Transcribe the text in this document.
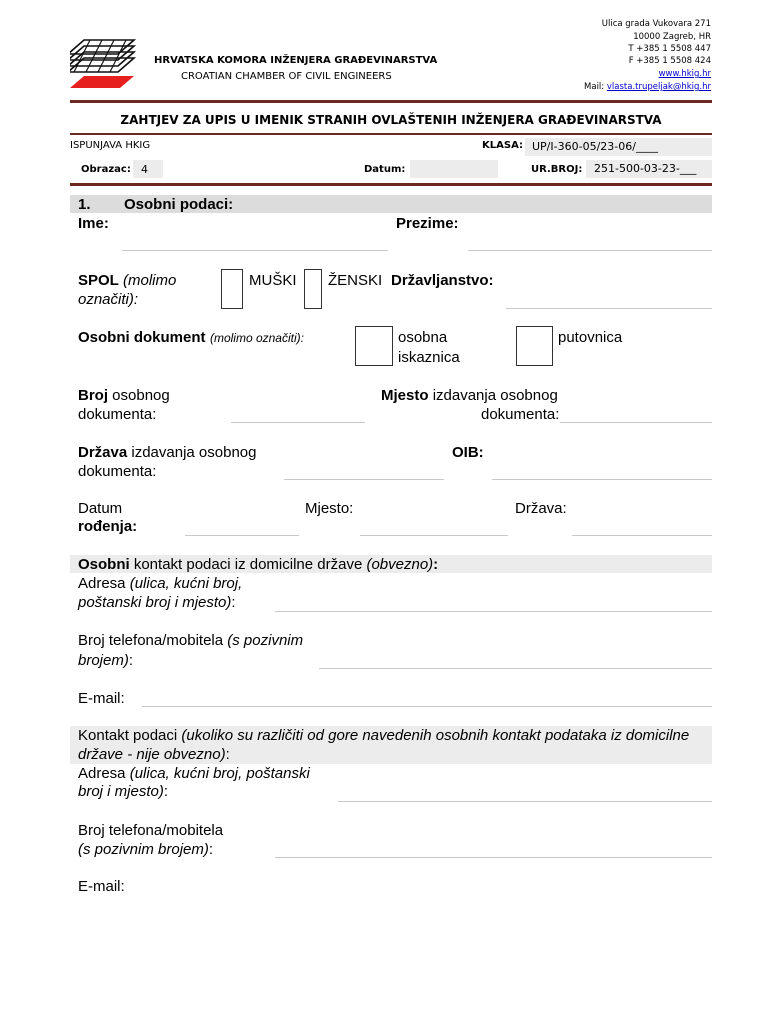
HRVATSKA KOMORA INŽENJERA GRAĐEVINARSTVA
CROATIAN CHAMBER OF CIVIL ENGINEERS
Ulica grada Vukovara 271
10000 Zagreb, HR
T +385 1 5508 447
F +385 1 5508 424
www.hkig.hr
Mail: vlasta.trupeljak@hkig.hr
ZAHTJEV ZA UPIS U IMENIK STRANIH OVLAŠTENIH INŽENJERA GRAĐEVINARSTVA
ISPUNJAVA HKIG	KLASA: UP/I-360-05/23-06/____
Obrazac: 4	Datum:	UR.BROJ: 251-500-03-23-___
1. Osobni podaci:
Ime:	Prezime:
SPOL (molimo
označiti):
MUŠKI ŽENSKI Državljanstvo:
Osobni dokument (molimo označiti):	osobna
iskaznica
putovnica
Broj osobnog
dokumenta:
Mjesto izdavanja osobnog
dokumenta:
Država izdavanja osobnog
dokumenta:
OIB:
Datum
rođenja:
Mjesto:	Država:
Osobni kontakt podaci iz domicilne države (obvezno):
Adresa (ulica, kućni broj,
poštanski broj i mjesto):
Broj telefona/mobitela (s pozivnim
brojem):
E-mail:
Kontakt podaci (ukoliko su različiti od gore navedenih osobnih kontakt podataka iz domicilne
države - nije obvezno):
Adresa (ulica, kućni broj, poštanski
broj i mjesto):
Broj telefona/mobitela
(s pozivnim brojem):
E-mail:
